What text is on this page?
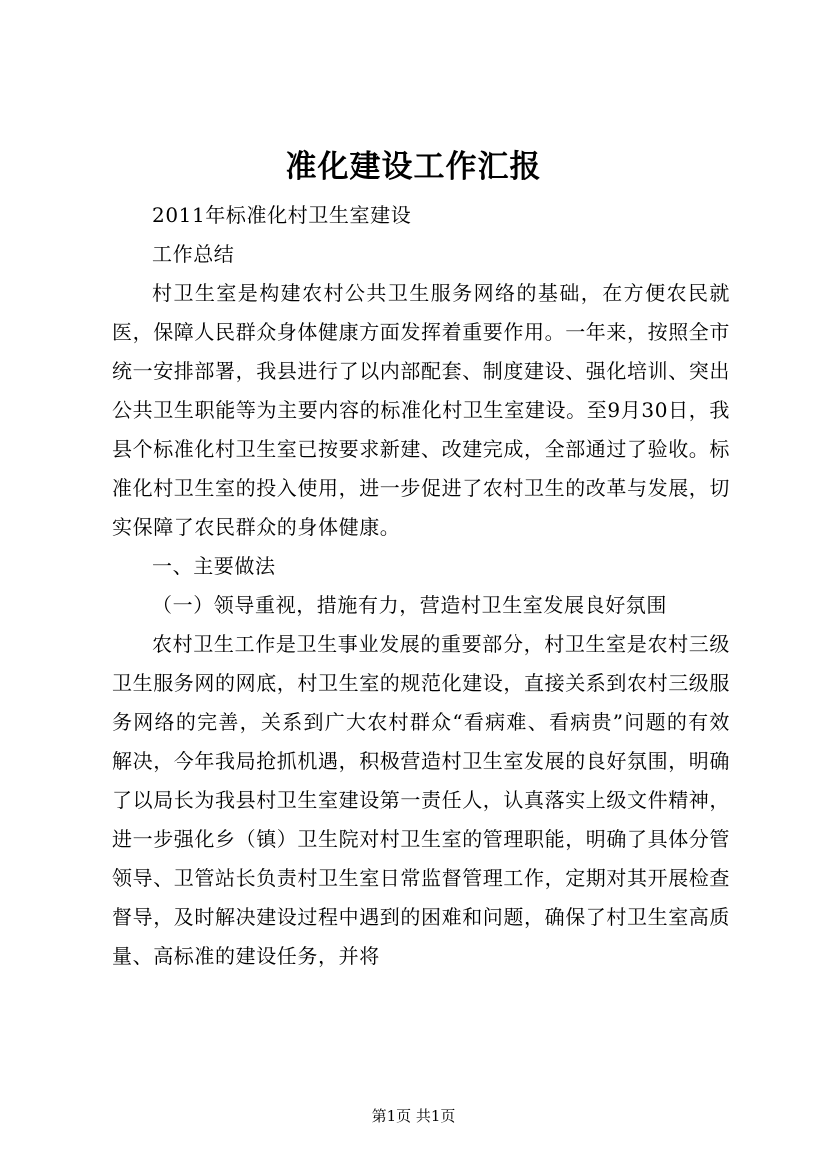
准化建设工作汇报

2011年标准化村卫生室建设

工作总结

村卫生室是构建农村公共卫生服务网络的基础，在方便农民就医，保障人民群众身体健康方面发挥着重要作用。一年来，按照全市统一安排部署，我县进行了以内部配套、制度建设、强化培训、突出公共卫生职能等为主要内容的标准化村卫生室建设。至9月30日，我县个标准化村卫生室已按要求新建、改建完成，全部通过了验收。标准化村卫生室的投入使用，进一步促进了农村卫生的改革与发展，切实保障了农民群众的身体健康。

一、主要做法

（一）领导重视，措施有力，营造村卫生室发展良好氛围

农村卫生工作是卫生事业发展的重要部分，村卫生室是农村三级卫生服务网的网底，村卫生室的规范化建设，直接关系到农村三级服务网络的完善，关系到广大农村群众“看病难、看病贵”问题的有效解决，今年我局抢抓机遇，积极营造村卫生室发展的良好氛围，明确了以局长为我县村卫生室建设第一责任人，认真落实上级文件精神，进一步强化乡（镇）卫生院对村卫生室的管理职能，明确了具体分管领导、卫管站长负责村卫生室日常监督管理工作，定期对其开展检查督导，及时解决建设过程中遇到的困难和问题，确保了村卫生室高质量、高标准的建设任务，并将

第1页 共1页
